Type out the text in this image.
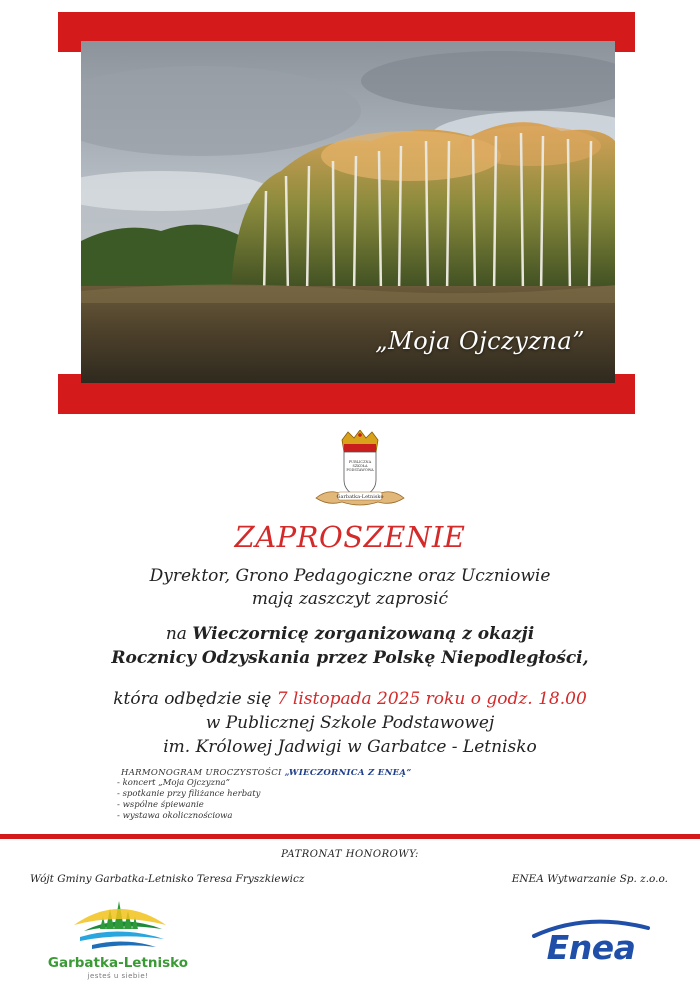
„Moja Ojczyzna”
PUBLICZNA
SZKOŁA
PODSTAWOWA
Garbatka-Letnisko
ZAPROSZENIE
Dyrektor, Grono Pedagogiczne oraz Uczniowie
mają zaszczyt zaprosić
na Wieczornicę zorganizowaną z okazji
Rocznicy Odzyskania przez Polskę Niepodległości,
która odbędzie się 7 listopada 2025 roku o godz. 18.00
w Publicznej Szkole Podstawowej
im. Królowej Jadwigi w Garbatce - Letnisko
HARMONOGRAM UROCZYSTOŚCI „WIECZORNICA Z ENEĄ”
- koncert „Moja Ojczyzna”
- spotkanie przy filiżance herbaty
- wspólne śpiewanie
- wystawa okolicznościowa
PATRONAT HONOROWY:
Wójt Gminy Garbatka-Letnisko Teresa Fryszkiewicz	ENEA Wytwarzanie Sp. z.o.o.
Garbatka-Letnisko
jesteś u siebie!
Enea
